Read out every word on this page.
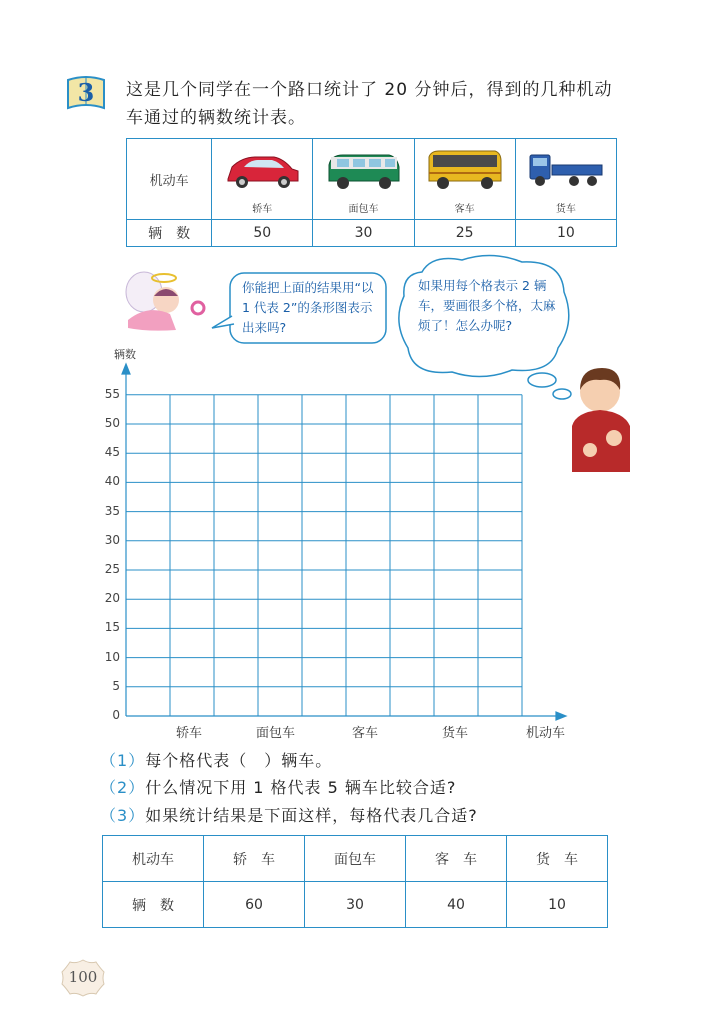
3	这是几个同学在一个路口统计了 20 分钟后，得到的几种机动车通过的辆数统计表。
机动车	轿车	面包车	客车	货车

辆　数	50	30	25	10
你能把上面的结果用“以 1 代表 2”的条形图表示出来吗?
如果用每个格表示 2 辆车，要画很多个格，太麻烦了！怎么办呢?
辆数
0
5
10
15
20
25
30
35
40
45
50
55
轿车	面包车	客车	货车	机动车
（1）每个格代表（　）辆车。
（2）什么情况下用 1 格代表 5 辆车比较合适?
（3）如果统计结果是下面这样，每格代表几合适?
机动车	轿　车	面包车	客　车	货　车
辆　数	60	30	40	10
100
